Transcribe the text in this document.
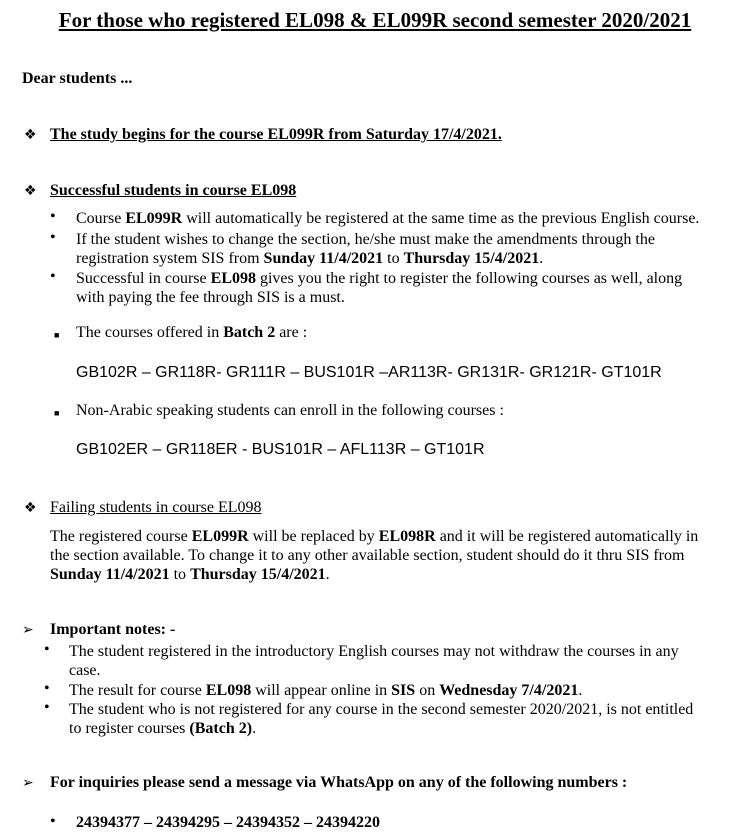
For those who registered EL098 & EL099R second semester 2020/2021
Dear students ...
❖ The study begins for the course EL099R from Saturday 17/4/2021.
❖ Successful students in course EL098
• Course EL099R will automatically be registered at the same time as the previous English course.
• If the student wishes to change the section, he/she must make the amendments through the
registration system SIS from Sunday 11/4/2021 to Thursday 15/4/2021.
• Successful in course EL098 gives you the right to register the following courses as well, along
with paying the fee through SIS is a must.
■ The courses offered in Batch 2 are :
GB102R – GR118R- GR111R – BUS101R –AR113R- GR131R- GR121R- GT101R
■ Non-Arabic speaking students can enroll in the following courses :
GB102ER – GR118ER - BUS101R – AFL113R – GT101R
❖ Failing students in course EL098
The registered course EL099R will be replaced by EL098R and it will be registered automatically in
the section available. To change it to any other available section, student should do it thru SIS from
Sunday 11/4/2021 to Thursday 15/4/2021.
➢ Important notes: -
• The student registered in the introductory English courses may not withdraw the courses in any
case.
• The result for course EL098 will appear online in SIS on Wednesday 7/4/2021.
• The student who is not registered for any course in the second semester 2020/2021, is not entitled
to register courses (Batch 2).
➢ For inquiries please send a message via WhatsApp on any of the following numbers :
• 24394377 – 24394295 – 24394352 – 24394220
